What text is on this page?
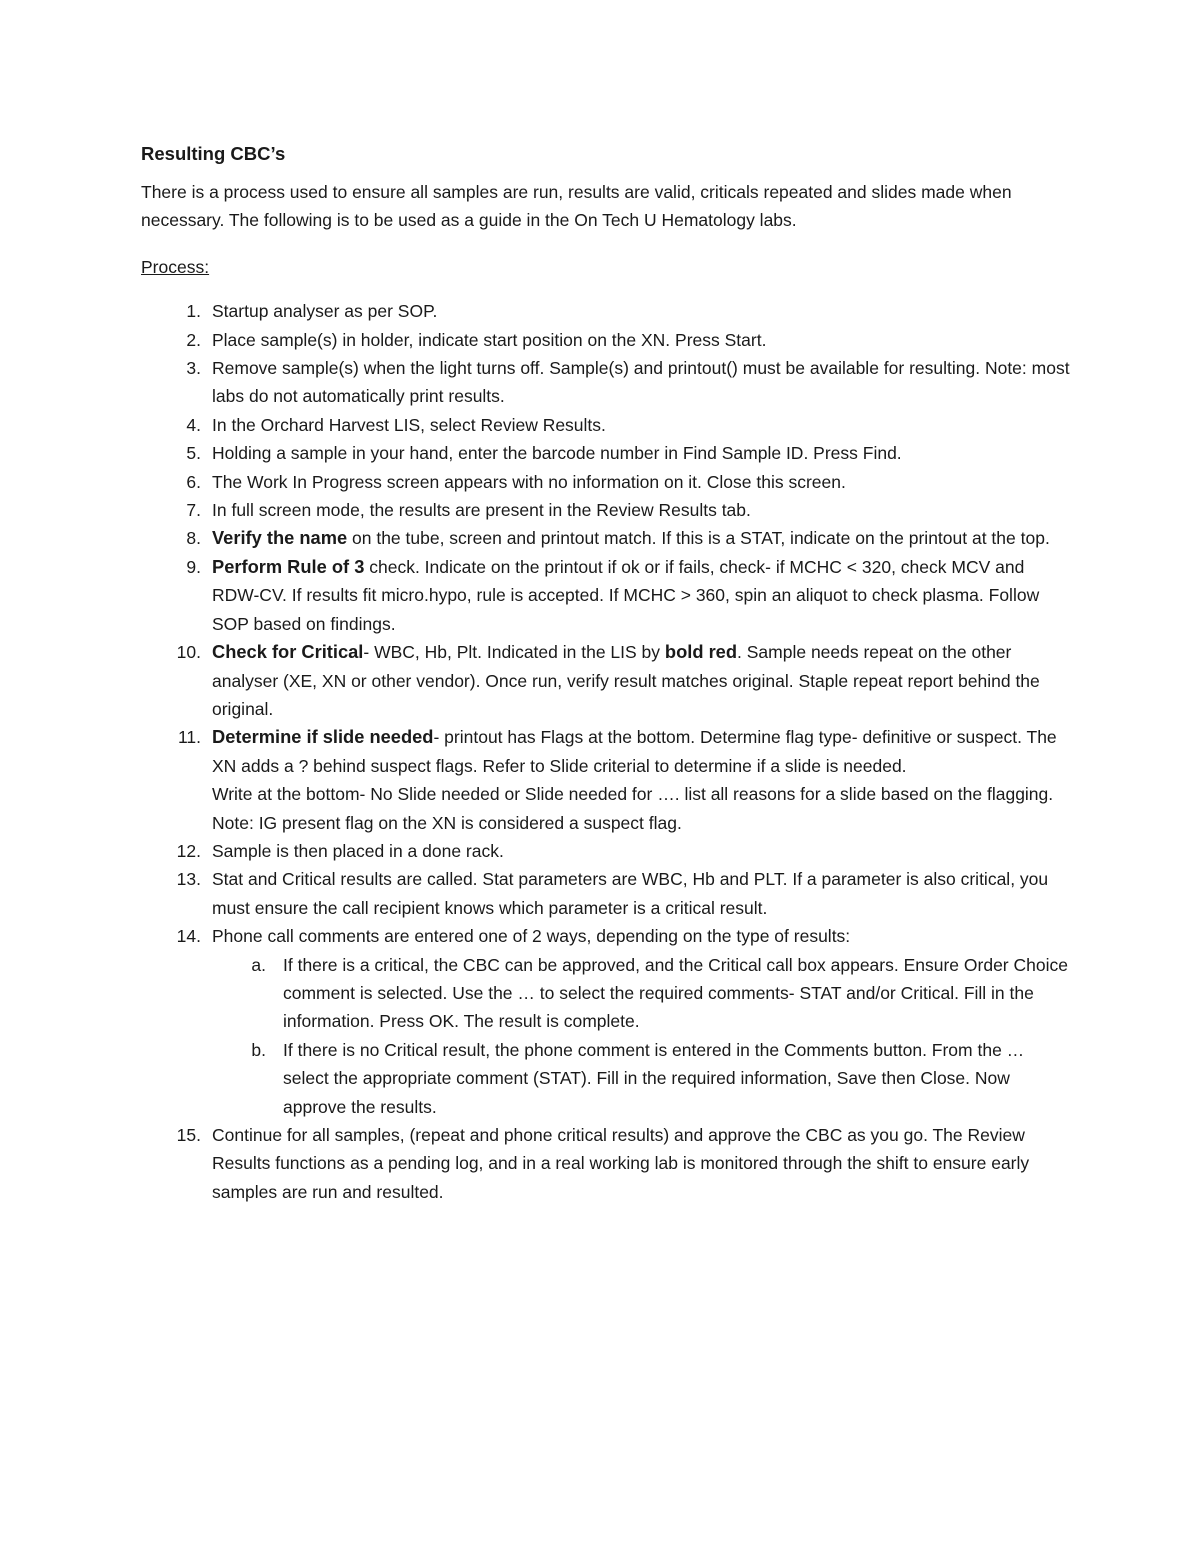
Resulting CBC’s
There is a process used to ensure all samples are run, results are valid, criticals repeated and slides made when necessary. The following is to be used as a guide in the On Tech U Hematology labs.
Process:
1. Startup analyser as per SOP.
2. Place sample(s) in holder, indicate start position on the XN. Press Start.
3. Remove sample(s) when the light turns off. Sample(s) and printout() must be available for resulting. Note: most labs do not automatically print results.
4. In the Orchard Harvest LIS, select Review Results.
5. Holding a sample in your hand, enter the barcode number in Find Sample ID. Press Find.
6. The Work In Progress screen appears with no information on it. Close this screen.
7. In full screen mode, the results are present in the Review Results tab.
8. Verify the name on the tube, screen and printout match. If this is a STAT, indicate on the printout at the top.
9. Perform Rule of 3 check. Indicate on the printout if ok or if fails, check- if MCHC < 320, check MCV and RDW-CV. If results fit micro.hypo, rule is accepted. If MCHC > 360, spin an aliquot to check plasma. Follow SOP based on findings.
10. Check for Critical- WBC, Hb, Plt. Indicated in the LIS by bold red. Sample needs repeat on the other analyser (XE, XN or other vendor). Once run, verify result matches original. Staple repeat report behind the original.
11. Determine if slide needed- printout has Flags at the bottom. Determine flag type- definitive or suspect. The XN adds a ? behind suspect flags. Refer to Slide criterial to determine if a slide is needed.
Write at the bottom- No Slide needed or Slide needed for …. list all reasons for a slide based on the flagging. Note: IG present flag on the XN is considered a suspect flag.
12. Sample is then placed in a done rack.
13. Stat and Critical results are called. Stat parameters are WBC, Hb and PLT. If a parameter is also critical, you must ensure the call recipient knows which parameter is a critical result.
14. Phone call comments are entered one of 2 ways, depending on the type of results:
a. If there is a critical, the CBC can be approved, and the Critical call box appears. Ensure Order Choice comment is selected. Use the … to select the required comments- STAT and/or Critical. Fill in the information. Press OK. The result is complete.
b. If there is no Critical result, the phone comment is entered in the Comments button. From the … select the appropriate comment (STAT). Fill in the required information, Save then Close. Now approve the results.
15. Continue for all samples, (repeat and phone critical results) and approve the CBC as you go. The Review Results functions as a pending log, and in a real working lab is monitored through the shift to ensure early samples are run and resulted.
